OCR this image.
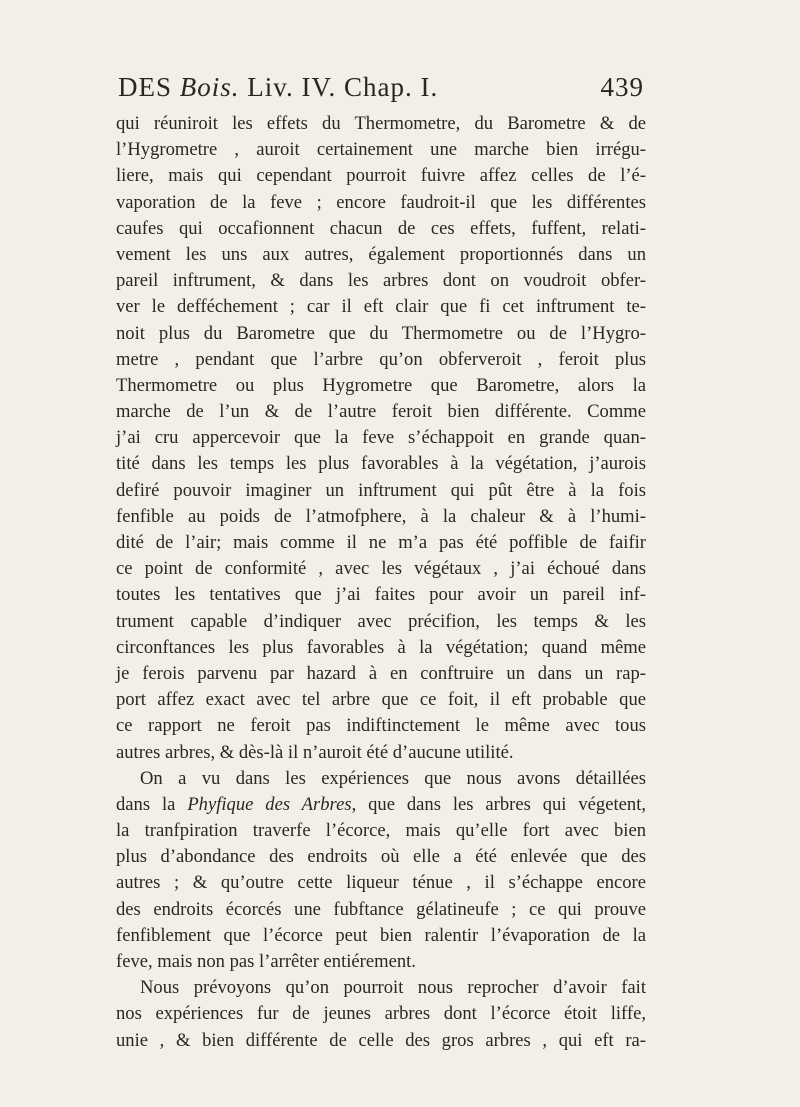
DES Bois. Liv. IV. Chap. I.	439
qui réuniroit les effets du Thermometre, du Barometre & de
l’Hygrometre , auroit certainement une marche bien irrégu-
liere, mais qui cependant pourroit fuivre affez celles de l’é-
vaporation de la feve ; encore faudroit-il que les différentes
caufes qui occafionnent chacun de ces effets, fuffent, relati-
vement les uns aux autres, également proportionnés dans un
pareil inftrument, & dans les arbres dont on voudroit obfer-
ver le defféchement ; car il eft clair que fi cet inftrument te-
noit plus du Barometre que du Thermometre ou de l’Hygro-
metre , pendant que l’arbre qu’on obferveroit , feroit plus
Thermometre ou plus Hygrometre que Barometre, alors la
marche de l’un & de l’autre feroit bien différente. Comme
j’ai cru appercevoir que la feve s’échappoit en grande quan-
tité dans les temps les plus favorables à la végétation, j’aurois
defiré pouvoir imaginer un inftrument qui pût être à la fois
fenfible au poids de l’atmofphere, à la chaleur & à l’humi-
dité de l’air; mais comme il ne m’a pas été poffible de faifir
ce point de conformité , avec les végétaux , j’ai échoué dans
toutes les tentatives que j’ai faites pour avoir un pareil inf-
trument capable d’indiquer avec précifion, les temps & les
circonftances les plus favorables à la végétation; quand même
je ferois parvenu par hazard à en conftruire un dans un rap-
port affez exact avec tel arbre que ce foit, il eft probable que
ce rapport ne feroit pas indiftinctement le même avec tous
autres arbres, & dès-là il n’auroit été d’aucune utilité.
On a vu dans les expériences que nous avons détaillées
dans la Phyfique des Arbres, que dans les arbres qui végetent,
la tranfpiration traverfe l’écorce, mais qu’elle fort avec bien
plus d’abondance des endroits où elle a été enlevée que des
autres ; & qu’outre cette liqueur ténue , il s’échappe encore
des endroits écorcés une fubftance gélatineufe ; ce qui prouve
fenfiblement que l’écorce peut bien ralentir l’évaporation de la
feve, mais non pas l’arrêter entiérement.
Nous prévoyons qu’on pourroit nous reprocher d’avoir fait
nos expériences fur de jeunes arbres dont l’écorce étoit liffe,
unie , & bien différente de celle des gros arbres , qui eft ra-
